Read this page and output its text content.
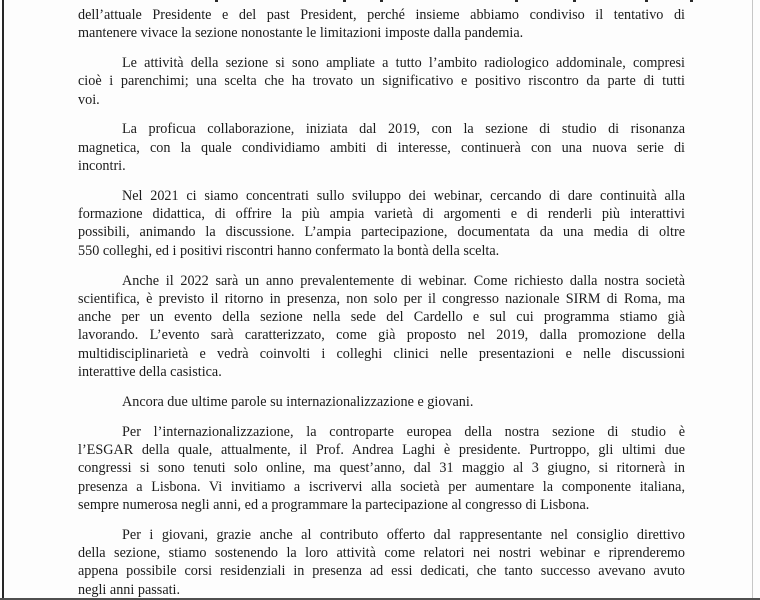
dell’attuale Presidente e del past President, perché insieme abbiamo condiviso il tentativo di
mantenere vivace la sezione nonostante le limitazioni imposte dalla pandemia.
Le attività della sezione si sono ampliate a tutto l’ambito radiologico addominale, compresi
cioè i parenchimi; una scelta che ha trovato un significativo e positivo riscontro da parte di tutti
voi.
La proficua collaborazione, iniziata dal 2019, con la sezione di studio di risonanza
magnetica, con la quale condividiamo ambiti di interesse, continuerà con una nuova serie di
incontri.
Nel 2021 ci siamo concentrati sullo sviluppo dei webinar, cercando di dare continuità alla
formazione didattica, di offrire la più ampia varietà di argomenti e di renderli più interattivi
possibili, animando la discussione. L’ampia partecipazione, documentata da una media di oltre
550 colleghi, ed i positivi riscontri hanno confermato la bontà della scelta.
Anche il 2022 sarà un anno prevalentemente di webinar. Come richiesto dalla nostra società
scientifica, è previsto il ritorno in presenza, non solo per il congresso nazionale SIRM di Roma, ma
anche per un evento della sezione nella sede del Cardello e sul cui programma stiamo già
lavorando. L’evento sarà caratterizzato, come già proposto nel 2019, dalla promozione della
multidisciplinarietà e vedrà coinvolti i colleghi clinici nelle presentazioni e nelle discussioni
interattive della casistica.
Ancora due ultime parole su internazionalizzazione e giovani.
Per l’internazionalizzazione, la controparte europea della nostra sezione di studio è
l’ESGAR della quale, attualmente, il Prof. Andrea Laghi è presidente. Purtroppo, gli ultimi due
congressi si sono tenuti solo online, ma quest’anno, dal 31 maggio al 3 giugno, si ritornerà in
presenza a Lisbona. Vi invitiamo a iscrivervi alla società per aumentare la componente italiana,
sempre numerosa negli anni, ed a programmare la partecipazione al congresso di Lisbona.
Per i giovani, grazie anche al contributo offerto dal rappresentante nel consiglio direttivo
della sezione, stiamo sostenendo la loro attività come relatori nei nostri webinar e riprenderemo
appena possibile corsi residenziali in presenza ad essi dedicati, che tanto successo avevano avuto
negli anni passati.
